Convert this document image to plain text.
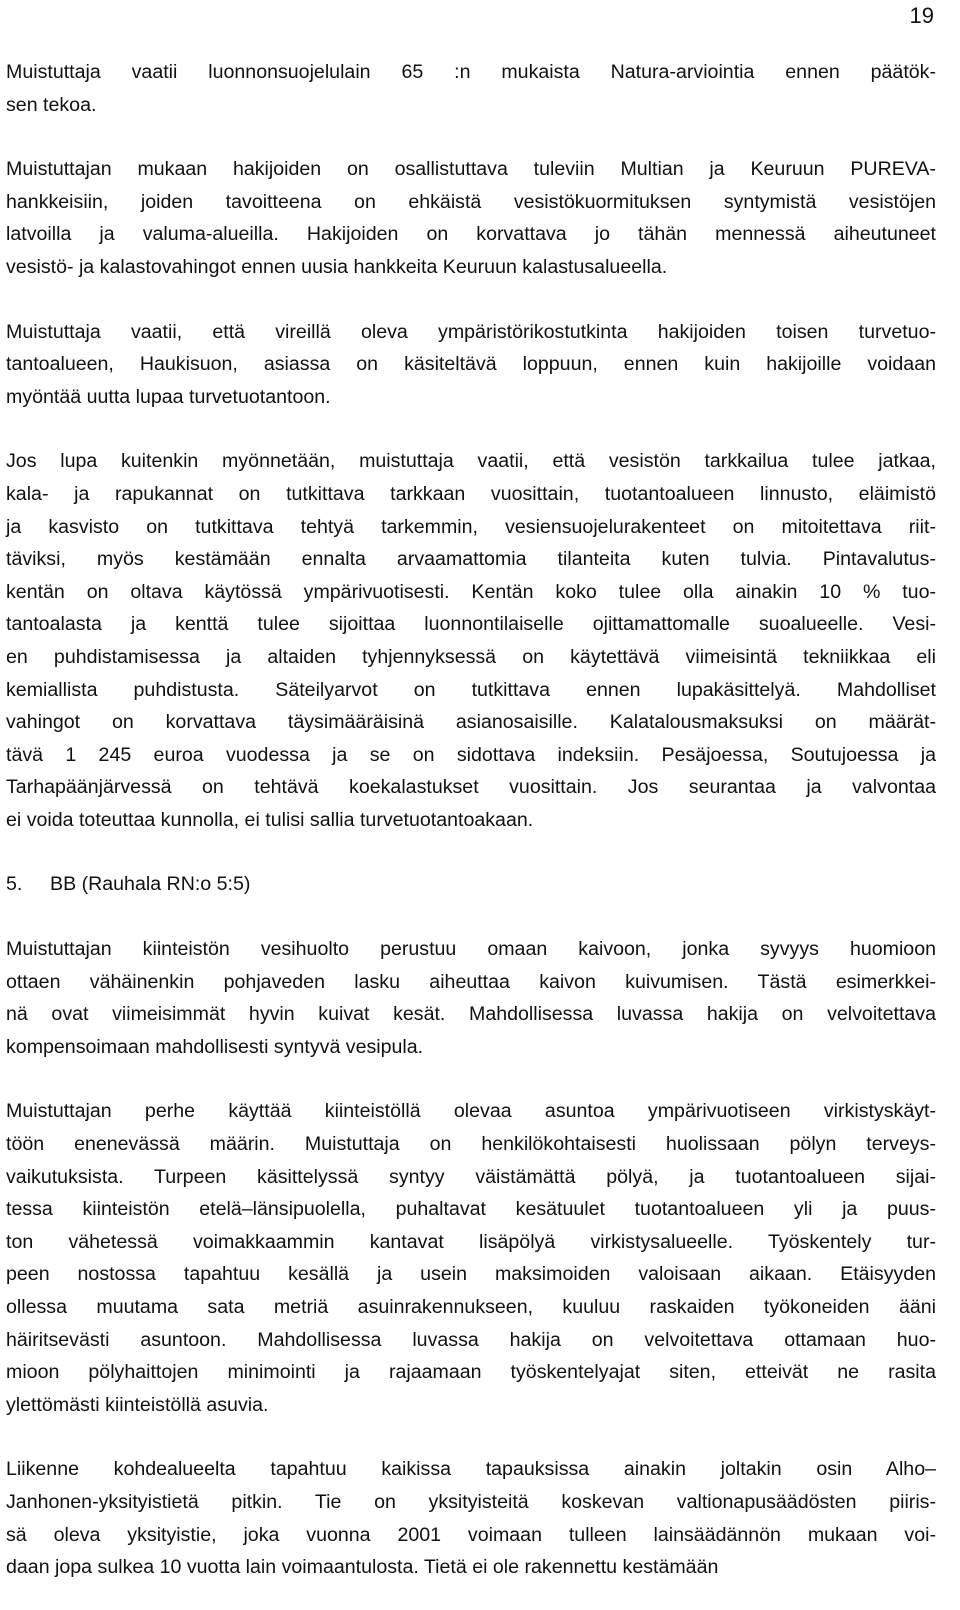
19

Muistuttaja vaatii luonnonsuojelulain 65 :n mukaista Natura-arviointia ennen päätök-
sen tekoa.

Muistuttajan mukaan hakijoiden on osallistuttava tuleviin Multian ja Keuruun PUREVA-
hankkeisiin, joiden tavoitteena on ehkäistä vesistökuormituksen syntymistä vesistöjen
latvoilla ja valuma-alueilla. Hakijoiden on korvattava jo tähän mennessä aiheutuneet
vesistö- ja kalastovahingot ennen uusia hankkeita Keuruun kalastusalueella.

Muistuttaja vaatii, että vireillä oleva ympäristörikostutkinta hakijoiden toisen turvetuo-
tantoalueen, Haukisuon, asiassa on käsiteltävä loppuun, ennen kuin hakijoille voidaan
myöntää uutta lupaa turvetuotantoon.

Jos lupa kuitenkin myönnetään, muistuttaja vaatii, että vesistön tarkkailua tulee jatkaa,
kala- ja rapukannat on tutkittava tarkkaan vuosittain, tuotantoalueen linnusto, eläimistö
ja kasvisto on tutkittava tehtyä tarkemmin, vesiensuojelurakenteet on mitoitettava riit-
täviksi, myös kestämään ennalta arvaamattomia tilanteita kuten tulvia. Pintavalutus-
kentän on oltava käytössä ympärivuotisesti. Kentän koko tulee olla ainakin 10 % tuo-
tantoalasta ja kenttä tulee sijoittaa luonnontilaiselle ojittamattomalle suoalueelle. Vesi-
en puhdistamisessa ja altaiden tyhjennyksessä on käytettävä viimeisintä tekniikkaa eli
kemiallista puhdistusta. Säteilyarvot on tutkittava ennen lupakäsittelyä. Mahdolliset
vahingot on korvattava täysimääräisinä asianosaisille. Kalatalousmaksuksi on määrät-
tävä 1 245 euroa vuodessa ja se on sidottava indeksiin. Pesäjoessa, Soutujoessa ja
Tarhapäänjärvessä on tehtävä koekalastukset vuosittain. Jos seurantaa ja valvontaa
ei voida toteuttaa kunnolla, ei tulisi sallia turvetuotantoakaan.

5. BB (Rauhala RN:o 5:5)

Muistuttajan kiinteistön vesihuolto perustuu omaan kaivoon, jonka syvyys huomioon
ottaen vähäinenkin pohjaveden lasku aiheuttaa kaivon kuivumisen. Tästä esimerkkei-
nä ovat viimeisimmät hyvin kuivat kesät. Mahdollisessa luvassa hakija on velvoitettava
kompensoimaan mahdollisesti syntyvä vesipula.

Muistuttajan perhe käyttää kiinteistöllä olevaa asuntoa ympärivuotiseen virkistyskäyt-
töön enenevässä määrin. Muistuttaja on henkilökohtaisesti huolissaan pölyn terveys-
vaikutuksista. Turpeen käsittelyssä syntyy väistämättä pölyä, ja tuotantoalueen sijai-
tessa kiinteistön etelä–länsipuolella, puhaltavat kesätuulet tuotantoalueen yli ja puus-
ton vähetessä voimakkaammin kantavat lisäpölyä virkistysalueelle. Työskentely tur-
peen nostossa tapahtuu kesällä ja usein maksimoiden valoisaan aikaan. Etäisyyden
ollessa muutama sata metriä asuinrakennukseen, kuuluu raskaiden työkoneiden ääni
häiritsevästi asuntoon. Mahdollisessa luvassa hakija on velvoitettava ottamaan huo-
mioon pölyhaittojen minimointi ja rajaamaan työskentelyajat siten, etteivät ne rasita
ylettömästi kiinteistöllä asuvia.

Liikenne kohdealueelta tapahtuu kaikissa tapauksissa ainakin joltakin osin Alho–
Janhonen-yksityistietä pitkin. Tie on yksityisteitä koskevan valtionapusäädösten piiris-
sä oleva yksityistie, joka vuonna 2001 voimaan tulleen lainsäädännön mukaan voi-
daan jopa sulkea 10 vuotta lain voimaantulosta. Tietä ei ole rakennettu kestämään
